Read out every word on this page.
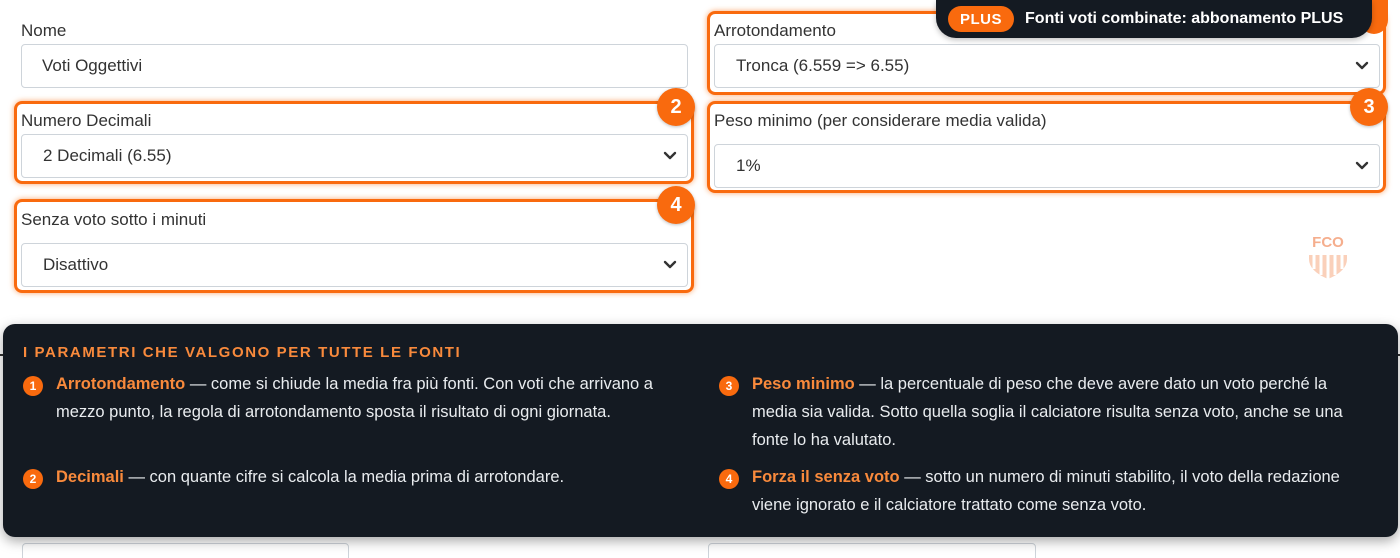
Nome
Voti Oggettivi
Arrotondamento
Tronca (6.559 => 6.55)
Numero Decimali
2 Decimali (6.55)
2
Peso minimo (per considerare media valida)
1%
3
Senza voto sotto i minuti
Disattivo
4
PLUS	Fonti voti combinate: abbonamento PLUS
FCO
I PARAMETRI CHE VALGONO PER TUTTE LE FONTI
1	Arrotondamento — come si chiude la media fra più fonti. Con voti che arrivano a mezzo punto, la regola di arrotondamento sposta il risultato di ogni giornata.
2	Decimali — con quante cifre si calcola la media prima di arrotondare.
3	Peso minimo — la percentuale di peso che deve avere dato un voto perché la media sia valida. Sotto quella soglia il calciatore risulta senza voto, anche se una fonte lo ha valutato.
4	Forza il senza voto — sotto un numero di minuti stabilito, il voto della redazione viene ignorato e il calciatore trattato come senza voto.
